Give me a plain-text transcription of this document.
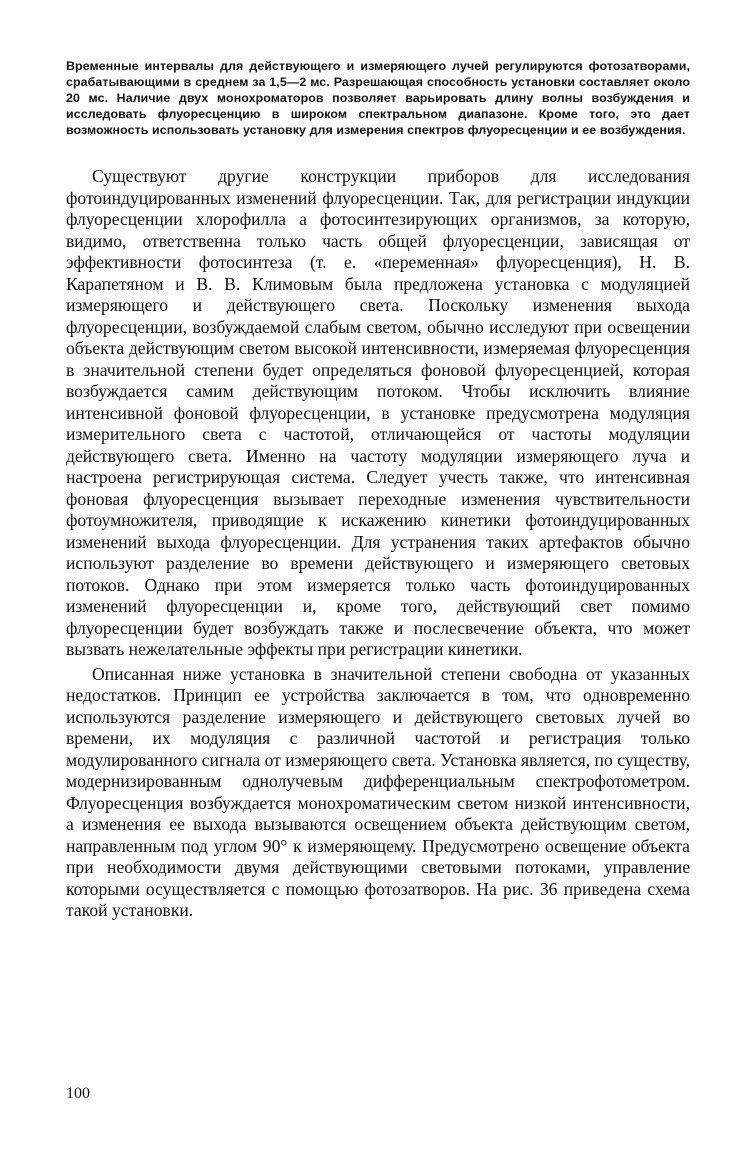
Временные интервалы для действующего и измеряющего лучей регулируются фотозатворами, срабатывающими в среднем за 1,5—2 мс. Разрешающая способность установки составляет около 20 мс. Наличие двух монохроматоров позволяет варьировать длину волны возбуждения и исследовать флуоресценцию в широком спектральном диапазоне. Кроме того, это дает возможность использовать установку для измерения спектров флуоресценции и ее возбуждения.

Существуют другие конструкции приборов для исследования фотоиндуцированных изменений флуоресценции. Так, для регистрации индукции флуоресценции хлорофилла a фотосинтезирующих организмов, за которую, видимо, ответственна только часть общей флуоресценции, зависящая от эффективности фотосинтеза (т. е. «переменная» флуоресценция), Н. В. Карапетяном и В. В. Климовым была предложена установка с модуляцией измеряющего и действующего света. Поскольку изменения выхода флуоресценции, возбуждаемой слабым светом, обычно исследуют при освещении объекта действующим светом высокой интенсивности, измеряемая флуоресценция в значительной степени будет определяться фоновой флуоресценцией, которая возбуждается самим действующим потоком. Чтобы исключить влияние интенсивной фоновой флуоресценции, в установке предусмотрена модуляция измерительного света с частотой, отличающейся от частоты модуляции действующего света. Именно на частоту модуляции измеряющего луча и настроена регистрирующая система. Следует учесть также, что интенсивная фоновая флуоресценция вызывает переходные изменения чувствительности фотоумножителя, приводящие к искажению кинетики фотоиндуцированных изменений выхода флуоресценции. Для устранения таких артефактов обычно используют разделение во времени действующего и измеряющего световых потоков. Однако при этом измеряется только часть фотоиндуцированных изменений флуоресценции и, кроме того, действующий свет помимо флуоресценции будет возбуждать также и послесвечение объекта, что может вызвать нежелательные эффекты при регистрации кинетики.

Описанная ниже установка в значительной степени свободна от указанных недостатков. Принцип ее устройства заключается в том, что одновременно используются разделение измеряющего и действующего световых лучей во времени, их модуляция с различной частотой и регистрация только модулированного сигнала от измеряющего света. Установка является, по существу, модернизированным однолучевым дифференциальным спектрофотометром. Флуоресценция возбуждается монохроматическим светом низкой интенсивности, а изменения ее выхода вызываются освещением объекта действующим светом, направленным под углом 90° к измеряющему. Предусмотрено освещение объекта при необходимости двумя действующими световыми потоками, управление которыми осуществляется с помощью фотозатворов. На рис. 36 приведена схема такой установки.

100
